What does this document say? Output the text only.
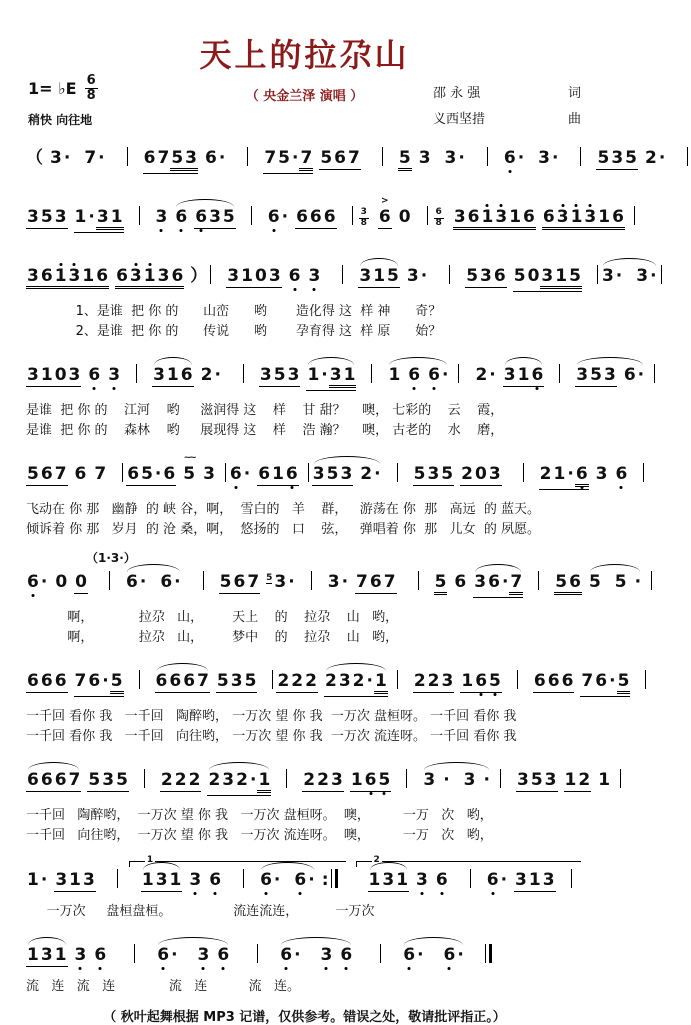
1= ♭E $\frac{6}{8}$
稍快 向往地
天上的拉尕山
（ 央金兰泽 演唱 ）	邵 永 强	词
义西坚措	曲
（ 3 · 7 · 6 7 5 3 6 · 7 5 · 7 5 6 7 5 3 3 · 6 · 3 · 5 3 5 2 ·
3 5 3 1 · 3 1 3 6 6 3 5 6 · 6 6 6	$\frac{3}{8} > 6$ 0	$\frac{6}{8} 3$ 6 1 3 1 6 6 3 1 3 1 6
3 6 1 3 1 6 6 3 1 3 6 ） 3 1 0 3 6 3 3 1 5 3 · 5 3 6 5 0 3 1 5 3 · 3 ·
1、是谁  把 你 的      山峦      哟       造化得 这  样 神      奇？
2、是谁  把 你 的      传说      哟       孕育得 这  样 原      始？
3 1 0 3 6 3 3 1 6 2 · 3 5 3 1 · 3 1 1 6 6 · 2 · 3 1 6 3 5 3 6 ·
是谁  把 你 的    江河    哟     滋润得 这    样    甘 甜？    噢， 七彩的    云    霞，
是谁  把 你 的    森林    哟     展现得 这    样    浩 瀚？    噢， 古老的    水    磨，
5 6 7 6 7 6 5 · 6 ~~ 5 3 6 · 6 1 6 3 5 3 2 · 5 3 5 2 0 3 2 1 · 6 3 6
飞动在 你 那   幽静  的 峡 谷，啊，  雪白的   羊    群，   游荡在 你  那   高远  的 蓝天。
倾诉着 你 那   岁月  的 沧 桑，啊，  悠扬的   口    弦，   弹唱着 你  那   儿女  的 夙愿。
（1·3·）
6 · 0 0 6 · 6 · 5 6 7 $^5$ 3 · 3 · 7 6 7 5 6 3 6 · 7 5 6 5 5 ·
啊，           拉尕   山，       天上    的    拉尕    山   哟，
啊，           拉尕   山，       梦中    的    拉尕    山   哟，
6 6 6 7 6 · 5 6 6 6 7 5 3 5 2 2 2 2 3 2 · 1 2 2 3 1 6 5 6 6 6 7 6 · 5
一千回 看你 我   一千回   陶醉哟， 一万次 望 你 我  一万次 盘桓呀。 一千回 看你 我
一千回 看你 我   一千回   向往哟， 一万次 望 你 我  一万次 流连呀。 一千回 看你 我
6 6 6 7 5 3 5 2 2 2 2 3 2 · 1 2 2 3 1 6 5 3 · 3 · 3 5 3 1 2 1
一千回   陶醉哟，  一万次 望 你 我   一万次 盘桓呀。  噢，        一万   次   哟，
一千回   向往哟，  一万次 望 你 我   一万次 流连呀。  噢，        一万   次   哟，
1 · 3 1 3	1 1 3 1 3 6 6 · 6 · : 2 1 3 1 3 6 6 · 3 1 3
一万次     盘桓盘桓。               流连流连，         一万次
1 3 1 3 6	6 · 3 6	6 · 3 6	6 · 6 ·
流   连   流   连             流   连          流   连。
（ 秋叶起舞根据 MP3 记谱，仅供参考。错误之处，敬请批评指正。）
